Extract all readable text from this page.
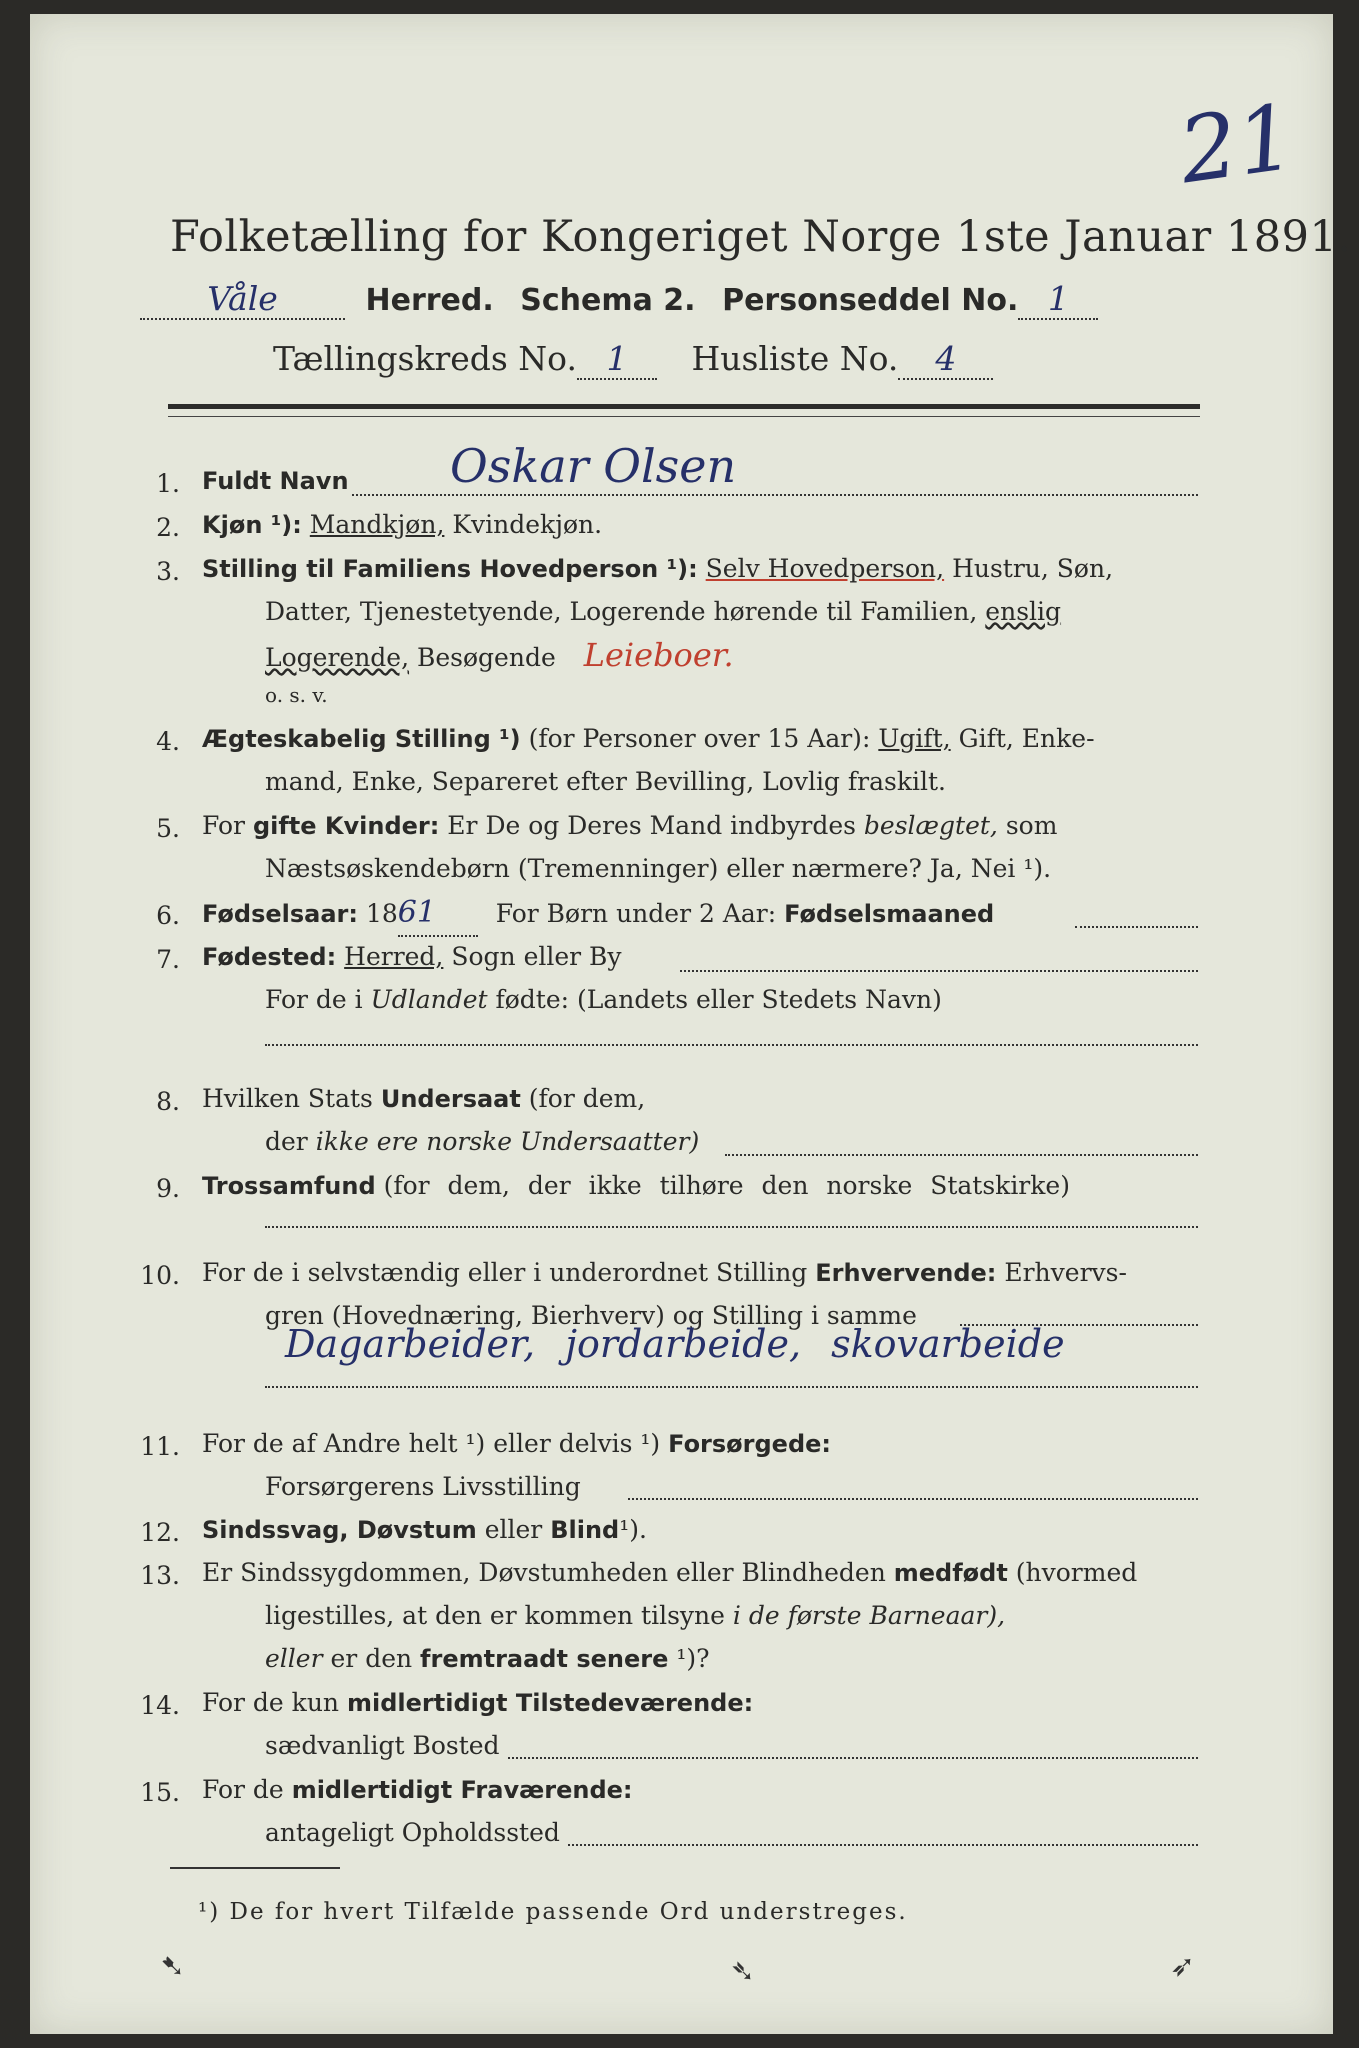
21
Folketælling for Kongeriget Norge 1ste Januar 1891.
Våle	Herred. Schema 2. Personseddel No. 1
Tællingskreds No. 1 Husliste No. 4
1. Fuldt Navn Oskar Olsen
2. Kjøn ¹): Mandkjøn, Kvindekjøn.
3. Stilling til Familiens Hovedperson ¹): Selv Hovedperson, Hustru, Søn,
Datter, Tjenestetyende, Logerende hørende til Familien, enslig
Logerende, Besøgende Leieboer.
o. s. v.
4. Ægteskabelig Stilling ¹) (for Personer over 15 Aar): Ugift, Gift, Enke-
mand, Enke, Separeret efter Bevilling, Lovlig fraskilt.
5. For gifte Kvinder: Er De og Deres Mand indbyrdes beslægtet, som
Næstsøskendebørn (Tremenninger) eller nærmere? Ja, Nei ¹).
6. Fødselsaar: 1861 For Børn under 2 Aar: Fødselsmaaned
7. Fødested: Herred, Sogn eller By
For de i Udlandet fødte: (Landets eller Stedets Navn)
8. Hvilken Stats Undersaat (for dem,
der ikke ere norske Undersaatter)
9. Trossamfund (for dem, der ikke tilhøre den norske Statskirke)
10. For de i selvstændig eller i underordnet Stilling Erhvervende: Erhvervs-
gren (Hovednæring, Bierhverv) og Stilling i samme
Dagarbeider, jordarbeide, skovarbeide
11. For de af Andre helt ¹) eller delvis ¹) Forsørgede:
Forsørgerens Livsstilling
12. Sindssvag, Døvstum eller Blind¹).
13. Er Sindssygdommen, Døvstumheden eller Blindheden medfødt (hvormed
ligestilles, at den er kommen tilsyne i de første Barneaar),
eller er den fremtraadt senere ¹)?
14. For de kun midlertidigt Tilstedeværende:
sædvanligt Bosted
15. For de midlertidigt Fraværende:
antageligt Opholdssted
¹) De for hvert Tilfælde passende Ord understreges.
➷	➴	➶
